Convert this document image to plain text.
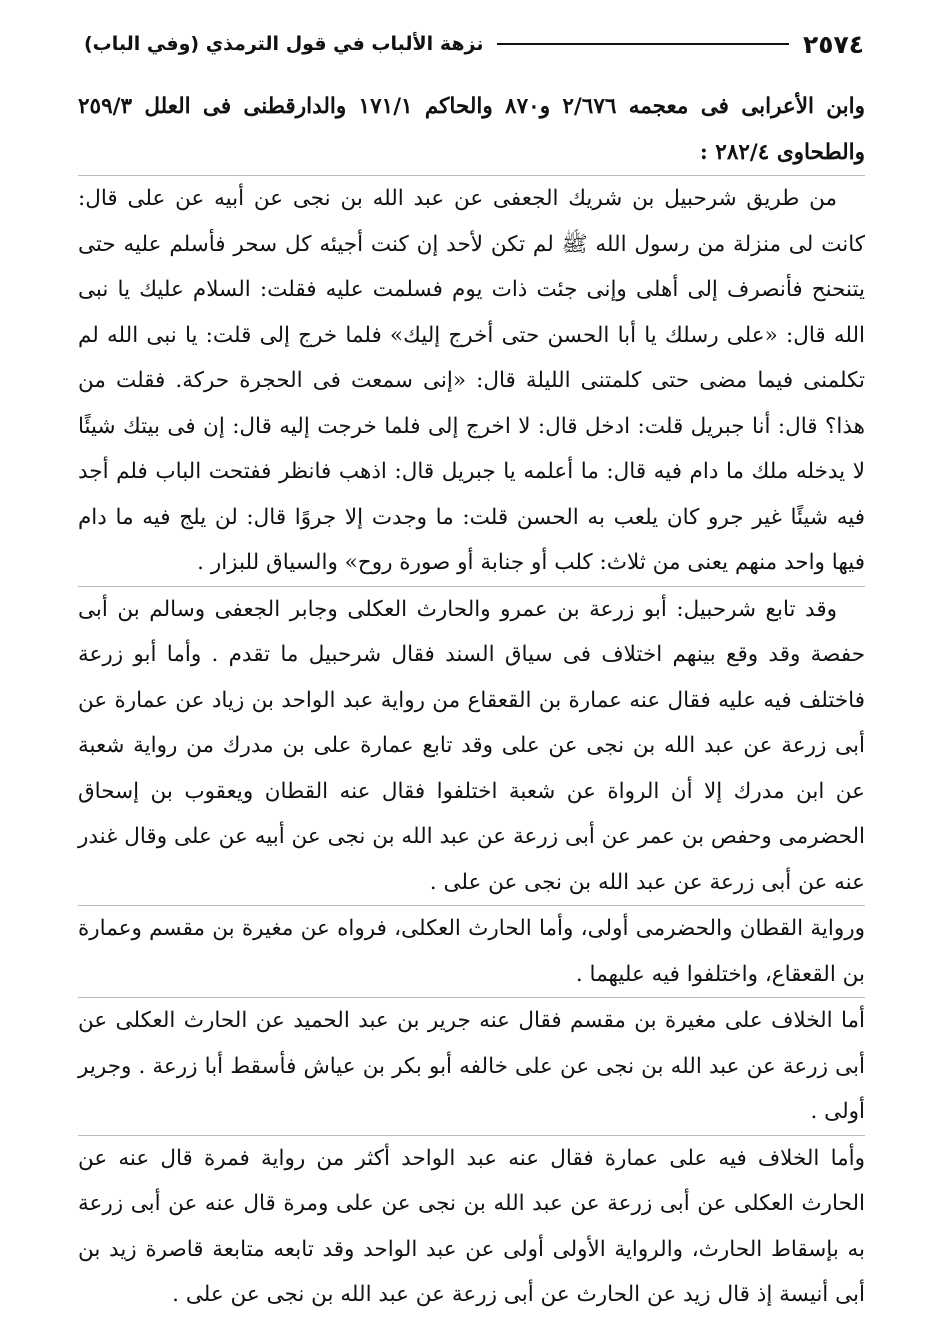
٢٥٧٤
نزهة الألباب في قول الترمذي (وفي الباب)

وابن الأعرابى فى معجمه ٢/٦٧٦ و٨٧٠ والحاكم ١٧١/١ والدارقطنى فى العلل ٢٥٩/٣ والطحاوى ٢٨٢/٤ :

من طريق شرحبيل بن شريك الجعفى عن عبد الله بن نجى عن أبيه عن على قال: كانت لى منزلة من رسول الله ﷺ لم تكن لأحد إن كنت أجيئه كل سحر فأسلم عليه حتى يتنحنح فأنصرف إلى أهلى وإنى جئت ذات يوم فسلمت عليه فقلت: السلام عليك يا نبى الله قال: «على رسلك يا أبا الحسن حتى أخرج إليك» فلما خرج إلى قلت: يا نبى الله لم تكلمنى فيما مضى حتى كلمتنى الليلة قال: «إنى سمعت فى الحجرة حركة. فقلت من هذا؟ قال: أنا جبريل قلت: ادخل قال: لا اخرج إلى فلما خرجت إليه قال: إن فى بيتك شيئًا لا يدخله ملك ما دام فيه قال: ما أعلمه يا جبريل قال: اذهب فانظر ففتحت الباب فلم أجد فيه شيئًا غير جرو كان يلعب به الحسن قلت: ما وجدت إلا جروًا قال: لن يلج فيه ما دام فيها واحد منهم يعنى من ثلاث: كلب أو جنابة أو صورة روح» والسياق للبزار .

وقد تابع شرحبيل: أبو زرعة بن عمرو والحارث العكلى وجابر الجعفى وسالم بن أبى حفصة وقد وقع بينهم اختلاف فى سياق السند فقال شرحبيل ما تقدم . وأما أبو زرعة فاختلف فيه عليه فقال عنه عمارة بن القعقاع من رواية عبد الواحد بن زياد عن عمارة عن أبى زرعة عن عبد الله بن نجى عن على وقد تابع عمارة على بن مدرك من رواية شعبة عن ابن مدرك إلا أن الرواة عن شعبة اختلفوا فقال عنه القطان ويعقوب بن إسحاق الحضرمى وحفص بن عمر عن أبى زرعة عن عبد الله بن نجى عن أبيه عن على وقال غندر عنه عن أبى زرعة عن عبد الله بن نجى عن على .

ورواية القطان والحضرمى أولى، وأما الحارث العكلى، فرواه عن مغيرة بن مقسم وعمارة بن القعقاع، واختلفوا فيه عليهما .

أما الخلاف على مغيرة بن مقسم فقال عنه جرير بن عبد الحميد عن الحارث العكلى عن أبى زرعة عن عبد الله بن نجى عن على خالفه أبو بكر بن عياش فأسقط أبا زرعة . وجرير أولى .

وأما الخلاف فيه على عمارة فقال عنه عبد الواحد أكثر من رواية فمرة قال عنه عن الحارث العكلى عن أبى زرعة عن عبد الله بن نجى عن على ومرة قال عنه عن أبى زرعة به بإسقاط الحارث، والرواية الأولى أولى عن عبد الواحد وقد تابعه متابعة قاصرة زيد بن أبى أنيسة إذ قال زيد عن الحارث عن أبى زرعة عن عبد الله بن نجى عن على .
